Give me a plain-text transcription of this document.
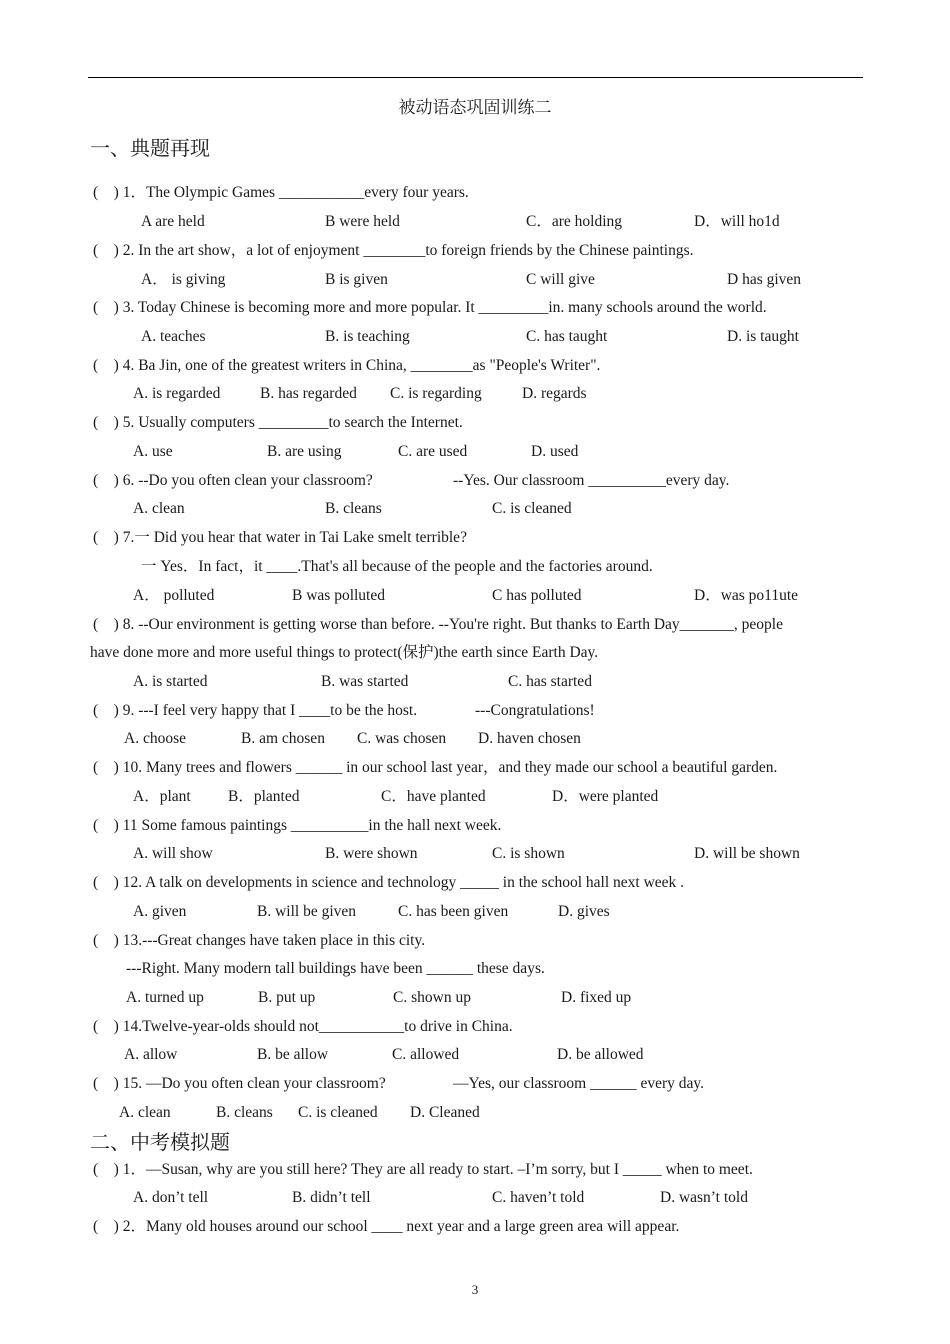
被动语态巩固训练二
一、典题再现
二、中考模拟题
3
(    ) 1．The Olympic Games ___________every four years.
A are held	B were held	C．are holding	D．will ho1d
(    ) 2. In the art show，a lot of enjoyment ________to foreign friends by the Chinese paintings.
A． is giving	B is given	C will give	D has given
(    ) 3. Today Chinese is becoming more and more popular. It _________in. many schools around the world.
A. teaches	B. is teaching	C. has taught	D. is taught
(    ) 4. Ba Jin, one of the greatest writers in China, ________as "People's Writer".
A. is regarded	B. has regarded C. is regarding	D. regards
(    ) 5. Usually computers _________to search the Internet.
A. use	B. are using	C. are used	D. used
(    ) 6. --Do you often clean your classroom?	--Yes. Our classroom __________every day.
A. clean	B. cleans	C. is cleaned
(    ) 7.一 Did you hear that water in Tai Lake smelt terrible?
一 Yes．In fact，it ____.That's all because of the people and the factories around.
A． polluted	B was polluted	C has polluted	D．was po11ute
(    ) 8. --Our environment is getting worse than before. --You're right. But thanks to Earth Day_______, people
have done more and more useful things to protect(保护)the earth since Earth Day.
A. is started	B. was started	C. has started
(    ) 9. ---I feel very happy that I ____to be the host.	---Congratulations!
A. choose	B. am chosen C. was chosen D. haven chosen
(    ) 10. Many trees and flowers ______ in our school last year，and they made our school a beautiful garden.
A．plant B．planted	C．have planted	D．were planted
(    ) 11 Some famous paintings __________in the hall next week.
A. will show	B. were shown	C. is shown	D. will be shown
(    ) 12. A talk on developments in science and technology _____ in the school hall next week .
A. given	B. will be given	C. has been given	D. gives
(    ) 13.---Great changes have taken place in this city.
---Right. Many modern tall buildings have been ______ these days.
A. turned up	B. put up	C. shown up	D. fixed up
(    ) 14.Twelve-year-olds should not___________to drive in China.
A. allow	B. be allow	C. allowed	D. be allowed
(    ) 15. —Do you often clean your classroom?	—Yes, our classroom ______ every day.
A. clean	B. cleans C. is cleaned D. Cleaned
(    ) 1．—Susan, why are you still here? They are all ready to start. –I’m sorry, but I _____ when to meet.
A. don’t tell	B. didn’t tell	C. haven’t told	D. wasn’t told
(    ) 2．Many old houses around our school ____ next year and a large green area will appear.
